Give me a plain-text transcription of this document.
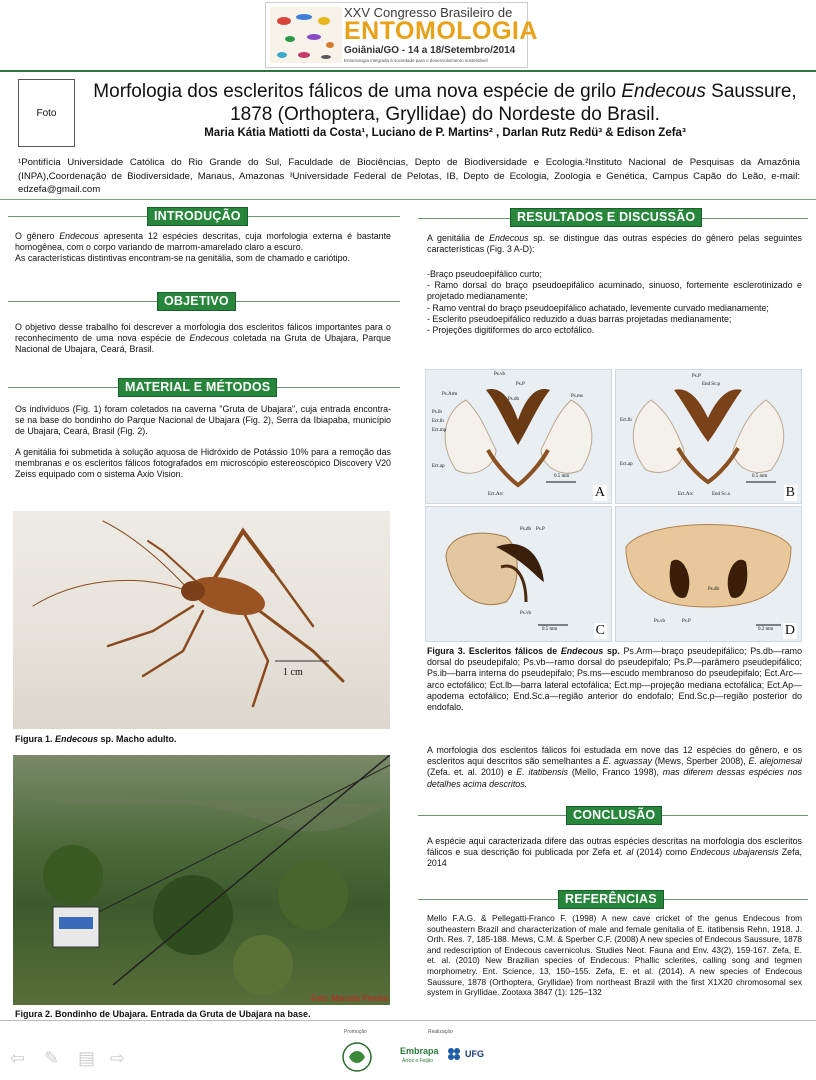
XXV Congresso Brasileiro de
ENTOMOLOGIA
Goiânia/GO - 14 a 18/Setembro/2014
Entomologia integrada à sociedade para o desenvolvimento sustentável
Foto
Morfologia dos escleritos fálicos de uma nova espécie de grilo Endecous Saussure, 1878 (Orthoptera, Gryllidae) do Nordeste do Brasil.
Maria Kátia Matiotti da Costa¹, Luciano de P. Martins² , Darlan Rutz Redü³ & Edison Zefa³
¹Pontifícia Universidade Católica do Rio Grande do Sul, Faculdade de Biociências, Depto de Biodiversidade e Ecologia.²Instituto Nacional de Pesquisas da Amazônia (INPA),Coordenação de Biodiversidade, Manaus, Amazonas ³Universidade Federal de Pelotas, IB, Depto de Ecologia, Zoologia e Genética, Campus Capão do Leão, e-mail: edzefa@gmail.com
INTRODUÇÃO
O gênero Endecous apresenta 12 espécies descritas, cuja morfologia externa é bastante homogênea, com o corpo variando de marrom-amarelado claro a escuro.
As características distintivas encontram-se na genitália, som de chamado e cariótipo.
OBJETIVO
O objetivo desse trabalho foi descrever a morfologia dos escleritos fálicos importantes para o reconhecimento de uma nova espécie de Endecous coletada na Gruta de Ubajara, Parque Nacional de Ubajara, Ceará, Brasil.
MATERIAL E MÉTODOS
Os indivíduos (Fig. 1) foram coletados na caverna "Gruta de Ubajara", cuja entrada encontra-se na base do bondinho do Parque Nacional de Ubajara (Fig. 2), Serra da Ibiapaba, município de Ubajara, Ceará, Brasil (Fig. 2).
A genitália foi submetida à solução aquosa de Hidróxido de Potássio 10% para a remoção das membranas e os escleritos fálicos fotografados em microscópio estereoscópico Discovery V20 Zeiss equipado com o sistema Axio Vision.
1 cm
Figura 1. Endecous sp. Macho adulto.
Foto: Marcelo Pereira
Figura 2. Bondinho de Ubajara. Entrada da Gruta de Ubajara na base.
RESULTADOS E DISCUSSÃO
A genitália de Endecous sp. se distingue das outras espécies do gênero pelas seguintes características (Fig. 3 A-D):
-Braço pseudoepifálico curto;
- Ramo dorsal do braço pseudoepifálico acuminado, sinuoso, fortemente esclerotinizado e projetado medianamente;
- Ramo ventral do braço pseudoepifálico achatado, levemente curvado medianamente;
- Esclerito pseudoepifálico reduzido a duas barras projetadas medianamente;
- Projeções digitiformes do arco ectofálico.
Ps.vb
Ps.P
Ps.Arm
Ps.db
Ps.ms
Ps.ib
Ect.lb
Ect.mp
Ect.ap
Ect.Arc
0.5 mm
A
Ps.P
End Sc.p
Ect.lb
Ect.ap
Ect.Arc	End Sc.a
0.5 mm
B
Ps.db Ps.P
Ps.vb
0.5 mm	C
Ps.db
Ps.vb	Ps.P
0.2 mm D
Figura 3. Escleritos fálicos de Endecous sp. Ps.Arm—braço pseudepifálico; Ps.db—ramo dorsal do pseudepifalo; Ps.vb—ramo dorsal do pseudepifalo; Ps.P—parâmero pseudepifálico; Ps.ib—barra interna do pseudepifalo; Ps.ms—escudo membranoso do pseudepifalo; Ect.Arc—arco ectofálico; Ect.lb—barra lateral ectofálica; Ect.mp—projeção mediana ectofálica; Ect.Ap—apodema ectofálico; End.Sc.a—região anterior do endofalo; End.Sc.p—região posterior do endofalo.
A morfologia dos escleritos fálicos foi estudada em nove das 12 espécies do gênero, e os escleritos aqui descritos são semelhantes a E. aguassay (Mews, Sperber 2008), E. alejomesai (Zefa. et. al. 2010) e E. itatibensis (Mello, Franco 1998), mas diferem dessas espécies nos detalhes acima descritos.
CONCLUSÃO
A espécie aqui caracterizada difere das outras espécies descritas na morfologia dos escleritos fálicos e sua descrição foi publicada por Zefa et. al (2014) como Endecous ubajarensis Zefa, 2014
REFERÊNCIAS
Mello F.A.G. & Pellegatti-Franco F. (1998) A new cave cricket of the genus Endecous from southeastern Brazil and characterization of male and female genitalia of E. itatibensis Rehn, 1918. J. Orth. Res. 7, 185-188. Mews, C.M. & Sperber C.F. (2008) A new species of Endecous Saussure, 1878 and redescription of Endecous cavernicolus. Studies Neot. Fauna and Env. 43(2), 159-167. Zefa, E. et. al. (2010) New Brazilian species of Endecous: Phallic sclerites, calling song and tegmen morphometry. Ent. Science, 13, 150–155. Zefa, E. et al. (2014). A new species of Endecous Saussure, 1878 (Orthoptera, Gryllidae) from northeast Brazil with the first X1X20 chromosomal sex system in Gryllidae. Zootaxa 3847 (1): 125–132
⇦ ✎ ▤ ⇨
Promoção	Realização
Embrapa
Arroz e Feijão
UFG
